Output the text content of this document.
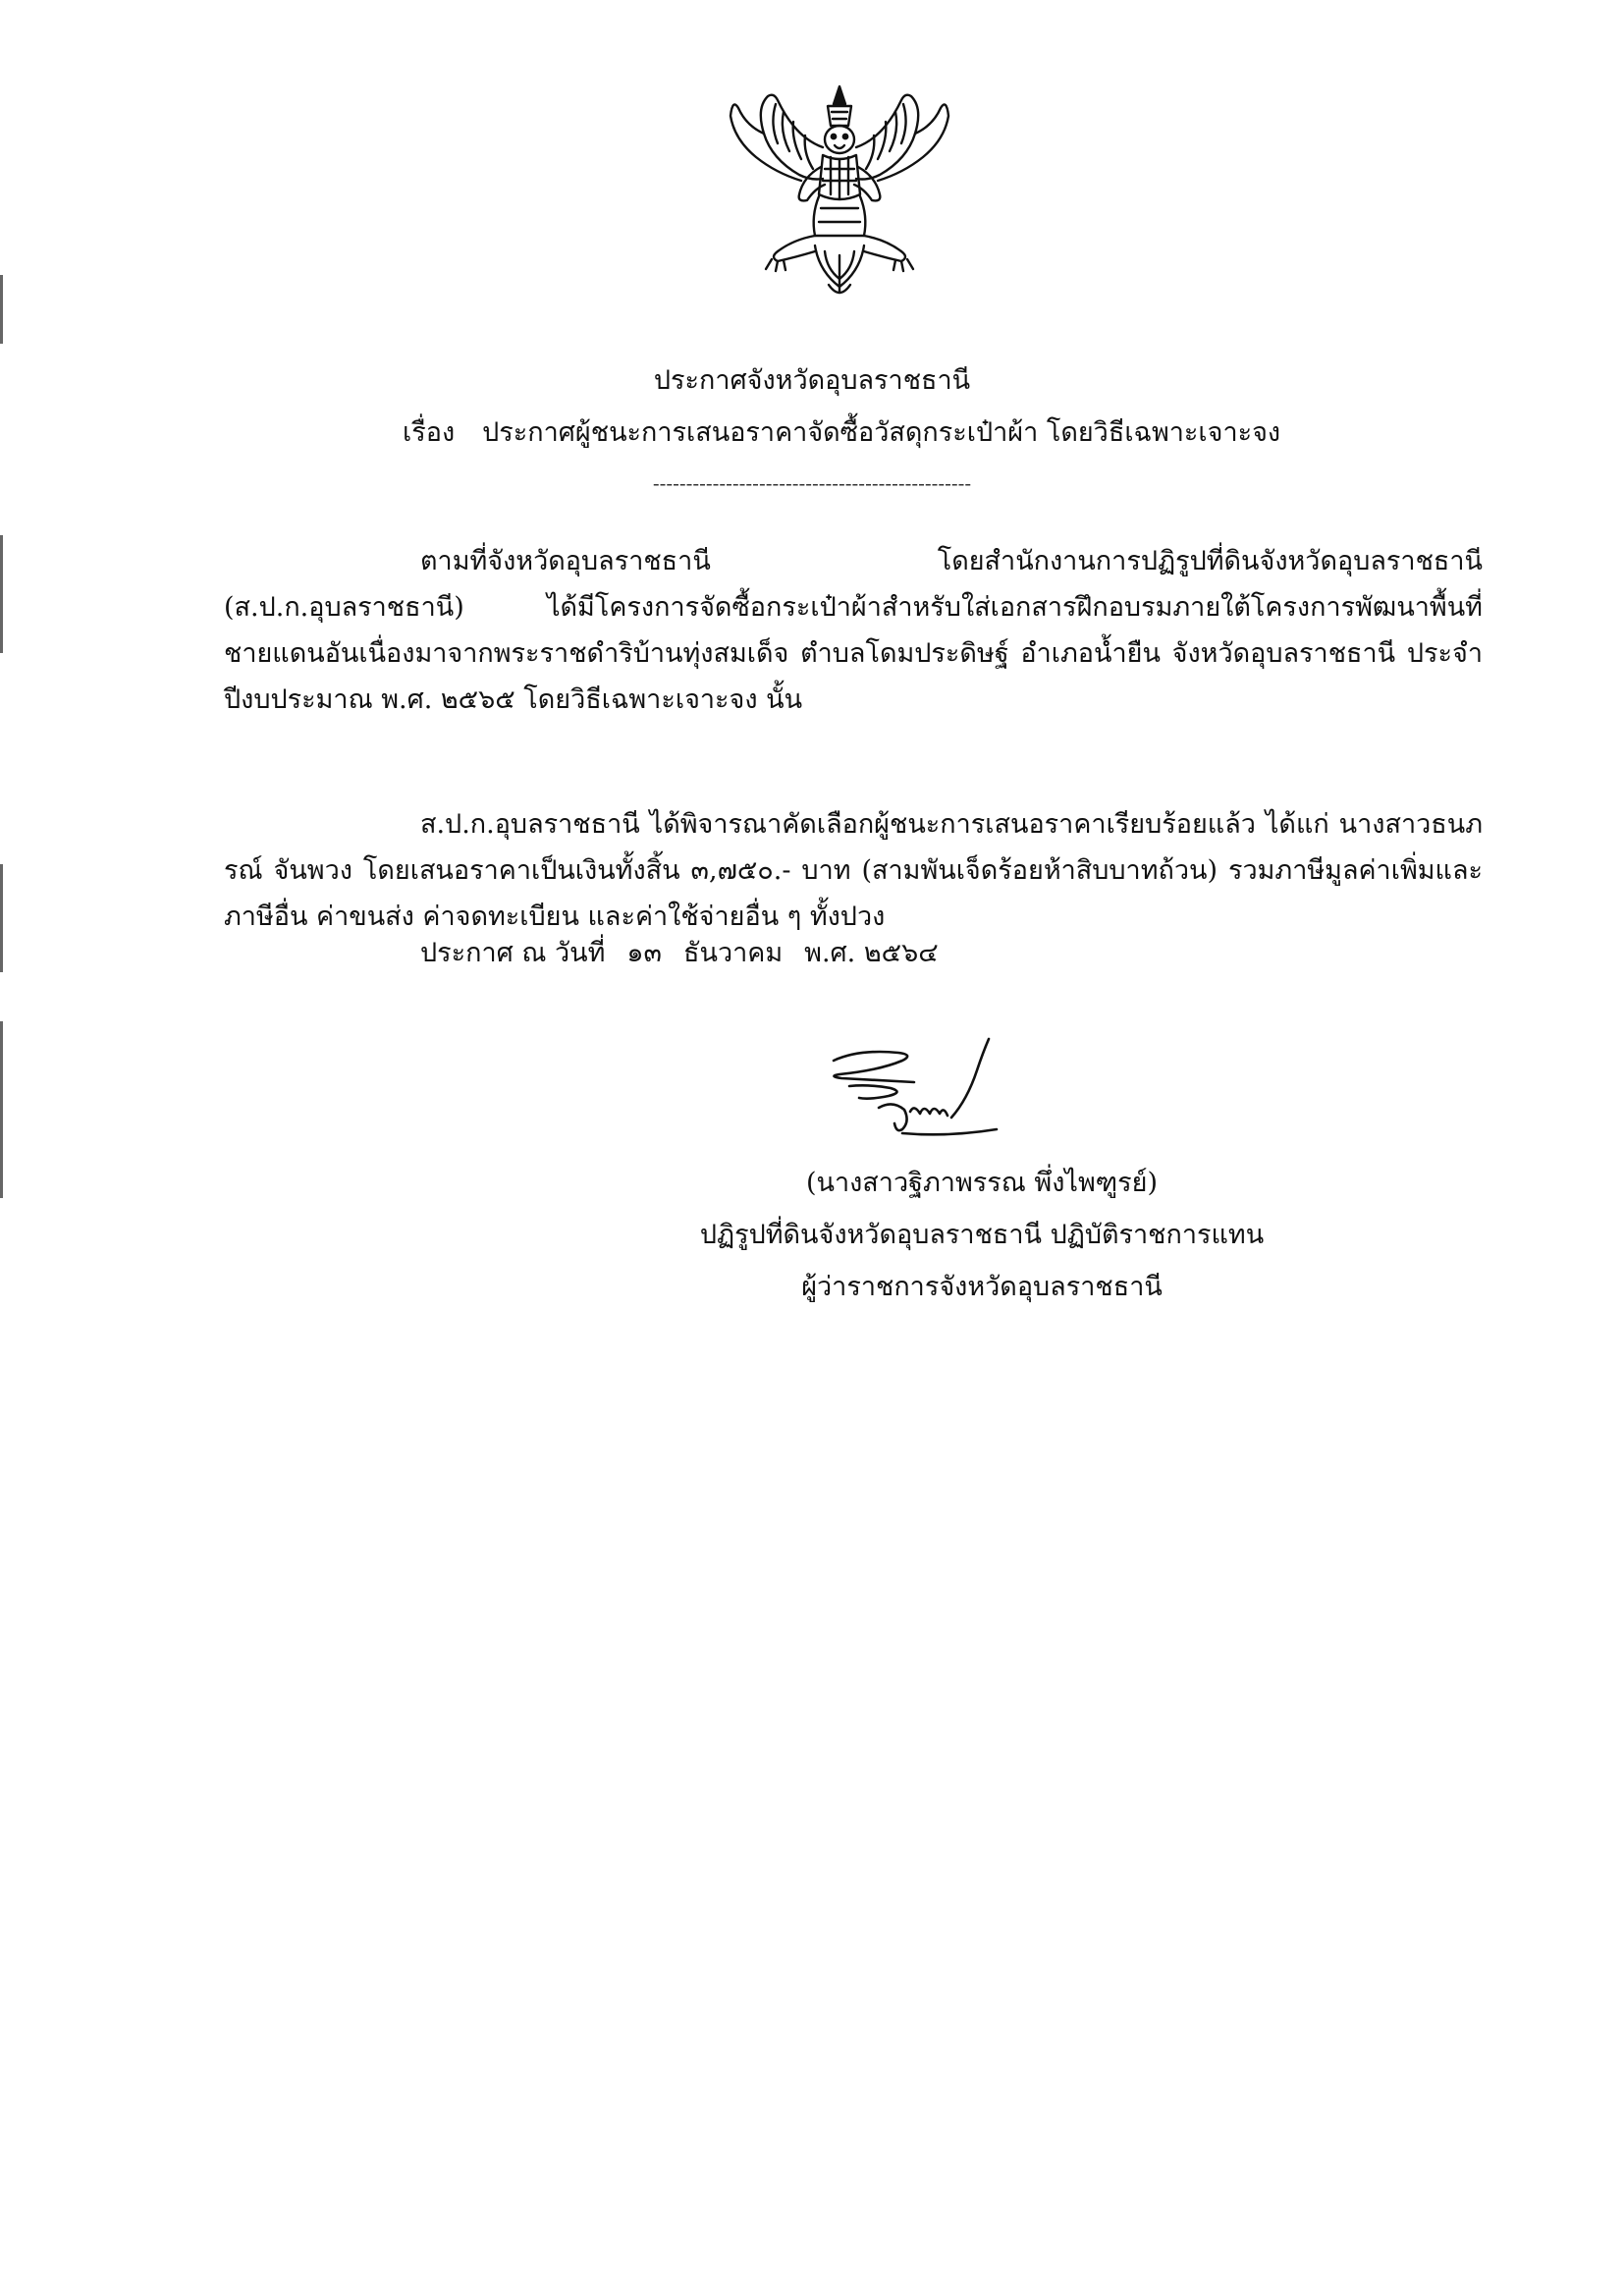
ประกาศจังหวัดอุบลราชธานี
เรื่อง ประกาศผู้ชนะการเสนอราคาจัดซื้อวัสดุกระเป๋าผ้า โดยวิธีเฉพาะเจาะจง
------------------------------------------------
ตามที่จังหวัดอุบลราชธานี โดยสำนักงานการปฏิรูปที่ดินจังหวัดอุบลราชธานี (ส.ป.ก.อุบลราชธานี) ได้มีโครงการจัดซื้อกระเป๋าผ้าสำหรับใส่เอกสารฝึกอบรมภายใต้โครงการพัฒนาพื้นที่ชายแดนอันเนื่องมาจากพระราชดำริบ้านทุ่งสมเด็จ ตำบลโดมประดิษฐ์ อำเภอน้ำยืน จังหวัดอุบลราชธานี ประจำปีงบประมาณ พ.ศ. ๒๕๖๕ โดยวิธีเฉพาะเจาะจง นั้น
ส.ป.ก.อุบลราชธานี ได้พิจารณาคัดเลือกผู้ชนะการเสนอราคาเรียบร้อยแล้ว ได้แก่ นางสาวธนภรณ์ จันพวง โดยเสนอราคาเป็นเงินทั้งสิ้น ๓,๗๕๐.- บาท (สามพันเจ็ดร้อยห้าสิบบาทถ้วน) รวมภาษีมูลค่าเพิ่มและภาษีอื่น ค่าขนส่ง ค่าจดทะเบียน และค่าใช้จ่ายอื่น ๆ ทั้งปวง
ประกาศ ณ วันที่ ๑๓ ธันวาคม พ.ศ. ๒๕๖๔
(นางสาวฐิภาพรรณ พึ่งไพฑูรย์)
ปฏิรูปที่ดินจังหวัดอุบลราชธานี ปฏิบัติราชการแทน
ผู้ว่าราชการจังหวัดอุบลราชธานี
